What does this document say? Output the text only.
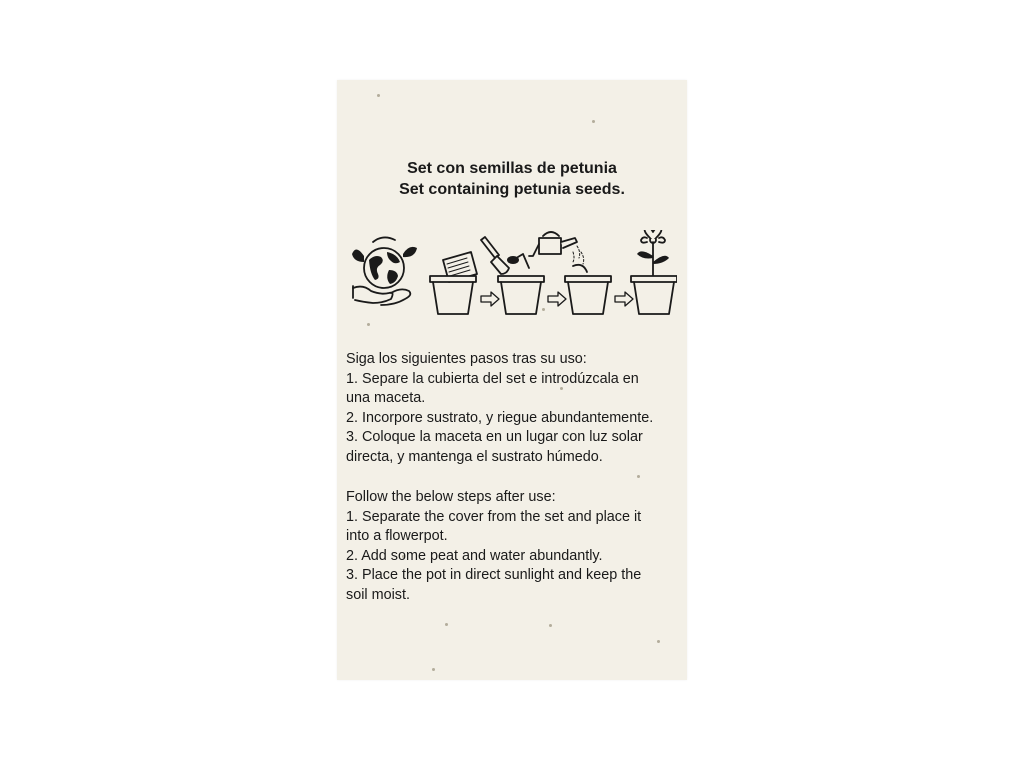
Set con semillas de petunia
Set containing petunia seeds.
Siga los siguientes pasos tras su uso:
1. Separe la cubierta del set e introdúzcala en
una maceta.
2. Incorpore sustrato, y riegue abundantemente.
3. Coloque la maceta en un lugar con luz solar
directa, y mantenga el sustrato húmedo.
Follow the below steps after use:
1. Separate the cover from the set and place it
into a flowerpot.
2. Add some peat and water abundantly.
3. Place the pot in direct sunlight and keep the
soil moist.
